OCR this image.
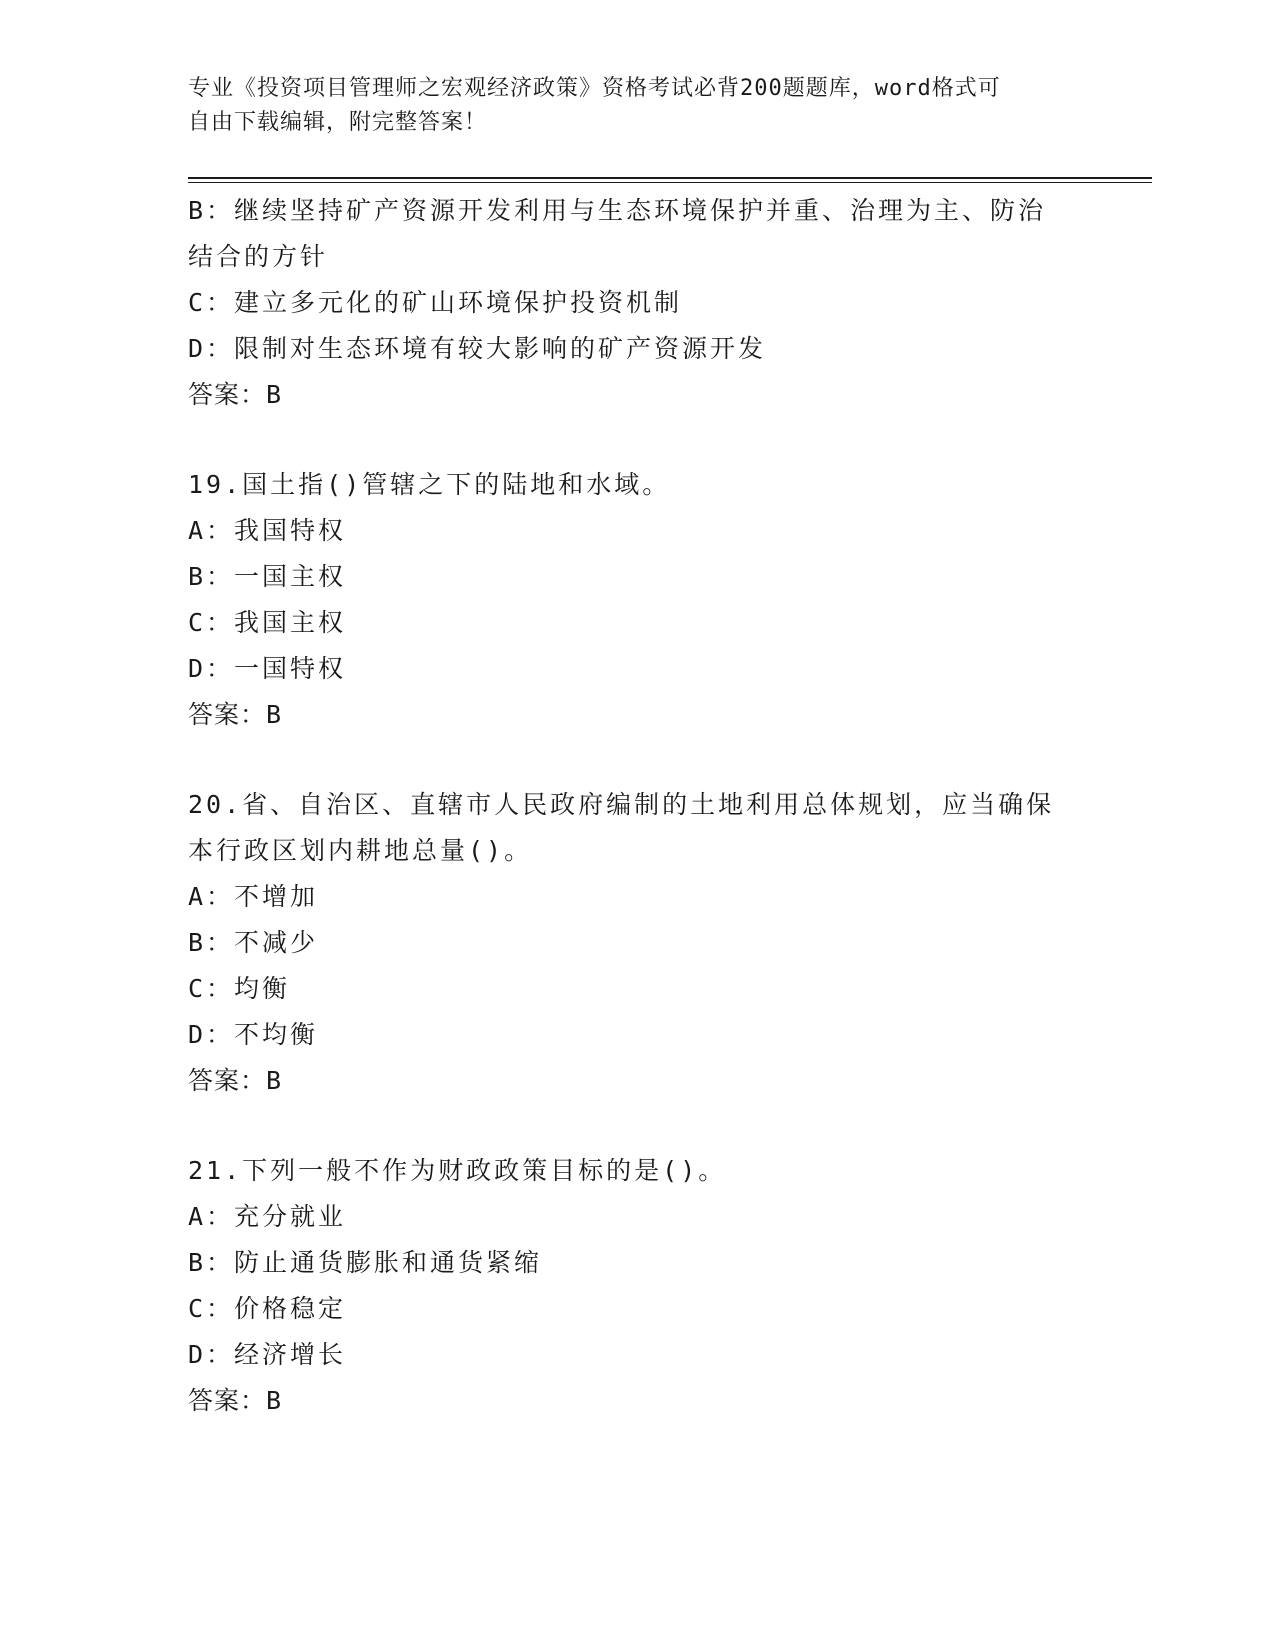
专业《投资项目管理师之宏观经济政策》资格考试必背200题题库，word格式可
自由下载编辑，附完整答案！
B：继续坚持矿产资源开发利用与生态环境保护并重、治理为主、防治
结合的方针
C：建立多元化的矿山环境保护投资机制
D：限制对生态环境有较大影响的矿产资源开发
答案：B
19.国土指()管辖之下的陆地和水域。
A：我国特权
B：一国主权
C：我国主权
D：一国特权
答案：B
20.省、自治区、直辖市人民政府编制的土地利用总体规划，应当确保
本行政区划内耕地总量()。
A：不增加
B：不减少
C：均衡
D：不均衡
答案：B
21.下列一般不作为财政政策目标的是()。
A：充分就业
B：防止通货膨胀和通货紧缩
C：价格稳定
D：经济增长
答案：B
